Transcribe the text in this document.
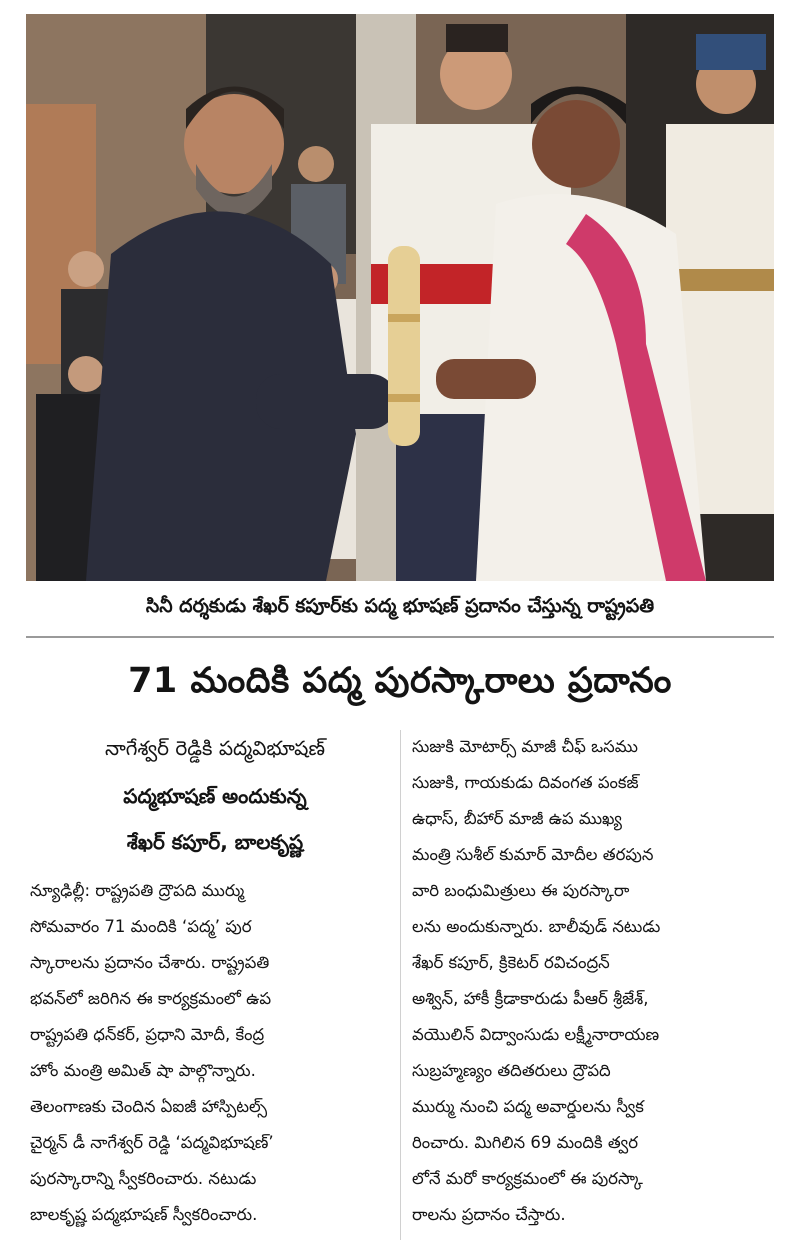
సినీ దర్శకుడు శేఖర్ కపూర్‌కు పద్మ భూషణ్ ప్రదానం చేస్తున్న రాష్ట్రపతి
71 మందికి పద్మ పురస్కారాలు ప్రదానం
నాగేశ్వర్ రెడ్డికి పద్మవిభూషణ్
పద్మభూషణ్ అందుకున్న
శేఖర్ కపూర్, బాలకృష్ణ
న్యూఢిల్లీ: రాష్ట్రపతి ద్రౌపది ముర్ము
సోమవారం 71 మందికి ‘పద్మ’ పుర
స్కారాలను ప్రదానం చేశారు. రాష్ట్రపతి
భవన్‌లో జరిగిన ఈ కార్యక్రమంలో ఉప
రాష్ట్రపతి ధన్‌కర్, ప్రధాని మోదీ, కేంద్ర
హోం మంత్రి అమిత్ షా పాల్గొన్నారు.
తెలంగాణకు చెందిన ఏఐజీ హాస్పిటల్స్
చైర్మన్ డీ నాగేశ్వర్ రెడ్డి ‘పద్మవిభూషణ్’
పురస్కారాన్ని స్వీకరించారు. నటుడు
బాలకృష్ణ పద్మభూషణ్ స్వీకరించారు.
సుజుకి మోటార్స్ మాజీ చీఫ్ ఒసము
సుజుకి, గాయకుడు దివంగత పంకజ్
ఉధాస్, బీహార్ మాజీ ఉప ముఖ్య
మంత్రి సుశీల్ కుమార్ మోదీల తరపున
వారి బంధుమిత్రులు ఈ పురస్కారా
లను అందుకున్నారు. బాలీవుడ్ నటుడు
శేఖర్ కపూర్, క్రికెటర్ రవిచంద్రన్
అశ్విన్, హాకీ క్రీడాకారుడు పీఆర్ శ్రీజేశ్,
వయొలిన్ విద్వాంసుడు లక్ష్మీనారాయణ
సుబ్రహ్మణ్యం తదితరులు ద్రౌపది
ముర్ము నుంచి పద్మ అవార్డులను స్వీక
రించారు. మిగిలిన 69 మందికి త్వర
లోనే మరో కార్యక్రమంలో ఈ పురస్కా
రాలను ప్రదానం చేస్తారు.
